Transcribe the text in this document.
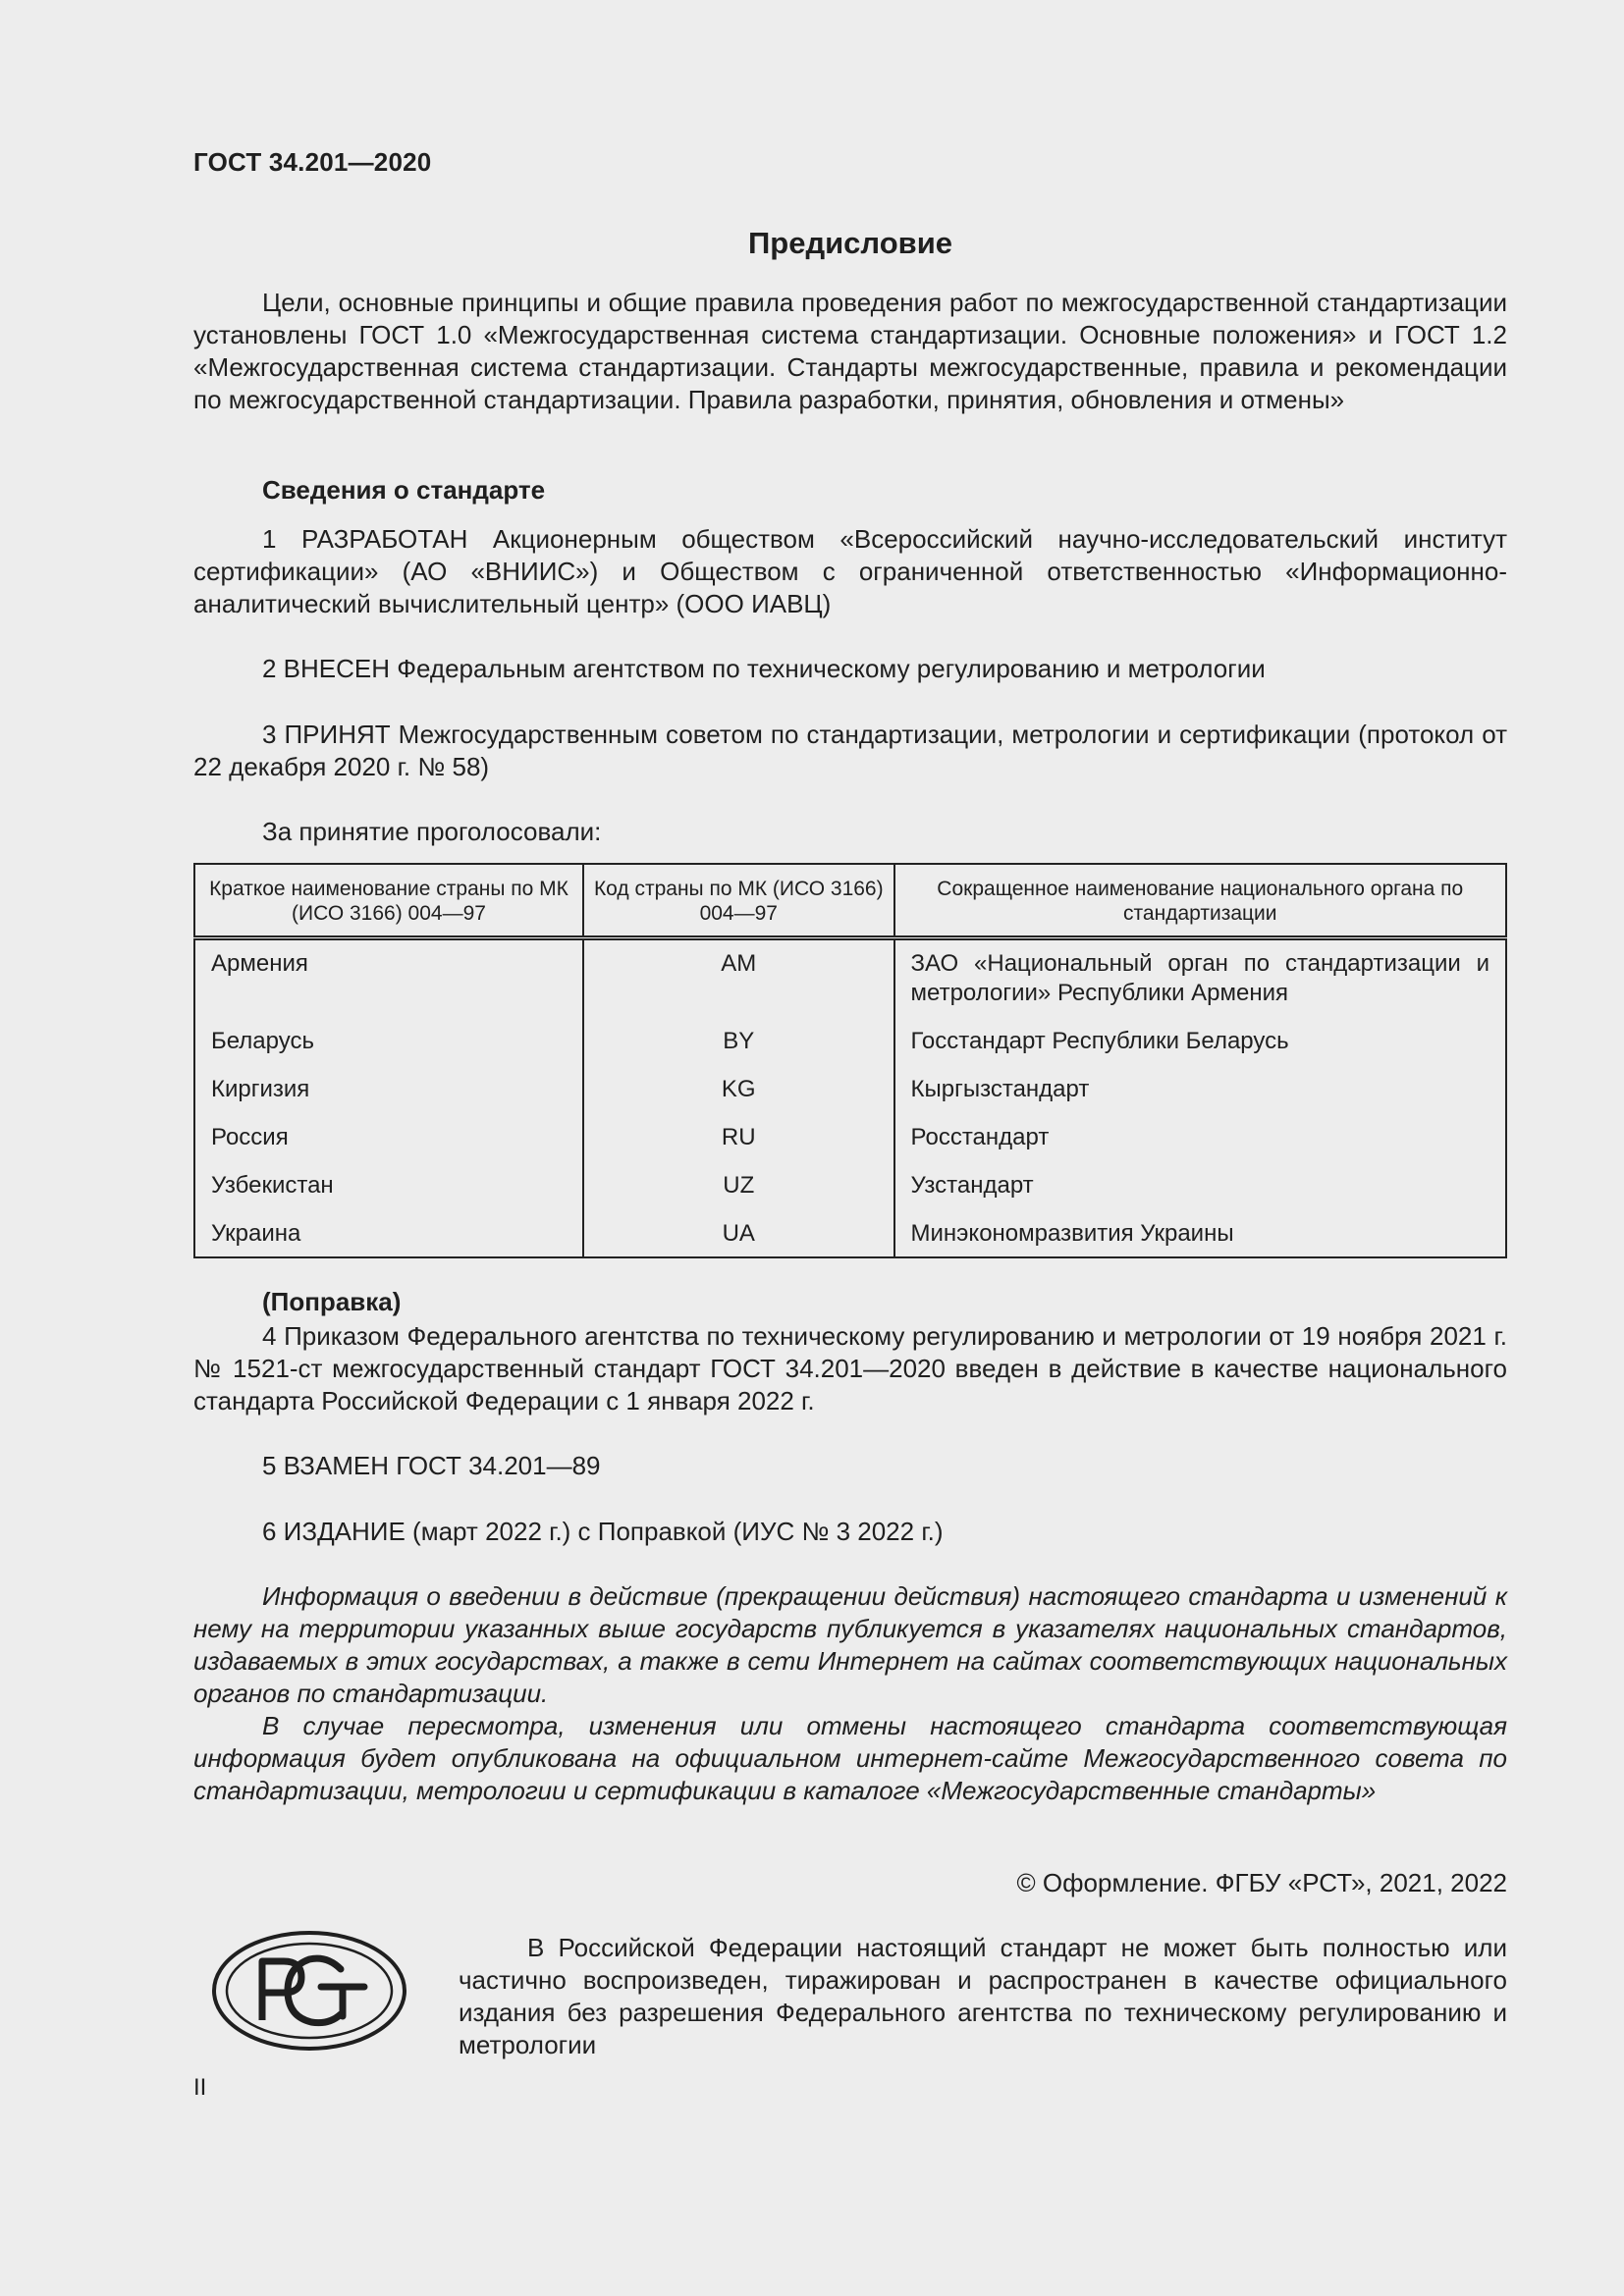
ГОСТ 34.201—2020
Предисловие

Цели, основные принципы и общие правила проведения работ по межгосударственной стандартизации установлены ГОСТ 1.0 «Межгосударственная система стандартизации. Основные положения» и ГОСТ 1.2 «Межгосударственная система стандартизации. Стандарты межгосударственные, правила и рекомендации по межгосударственной стандартизации. Правила разработки, принятия, обновления и отмены»

Сведения о стандарте

1 РАЗРАБОТАН Акционерным обществом «Всероссийский научно-исследовательский институт сертификации» (АО «ВНИИС») и Обществом с ограниченной ответственностью «Информационно-аналитический вычислительный центр» (ООО ИАВЦ)

2 ВНЕСЕН Федеральным агентством по техническому регулированию и метрологии

3 ПРИНЯТ Межгосударственным советом по стандартизации, метрологии и сертификации (протокол от 22 декабря 2020 г. № 58)

За принятие проголосовали:

Краткое наименование страны по МК (ИСО 3166) 004—97	Код страны по МК (ИСО 3166) 004—97	Сокращенное наименование национального органа по стандартизации
Армения	AM	ЗАО «Национальный орган по стандартизации и метрологии» Республики Армения
Беларусь	BY	Госстандарт Республики Беларусь
Киргизия	KG	Кыргызстандарт
Россия	RU	Росстандарт
Узбекистан	UZ	Узстандарт
Украина	UA	Минэкономразвития Украины
(Поправка)

4 Приказом Федерального агентства по техническому регулированию и метрологии от 19 ноября 2021 г. № 1521-ст межгосударственный стандарт ГОСТ 34.201—2020 введен в действие в качестве национального стандарта Российской Федерации с 1 января 2022 г.

5 ВЗАМЕН ГОСТ 34.201—89

6 ИЗДАНИЕ (март 2022 г.) с Поправкой (ИУС № 3 2022 г.)

Информация о введении в действие (прекращении действия) настоящего стандарта и изменений к нему на территории указанных выше государств публикуется в указателях национальных стандартов, издаваемых в этих государствах, а также в сети Интернет на сайтах соответствующих национальных органов по стандартизации.

В случае пересмотра, изменения или отмены настоящего стандарта соответствующая информация будет опубликована на официальном интернет-сайте Межгосударственного совета по стандартизации, метрологии и сертификации в каталоге «Межгосударственные стандарты»

© Оформление. ФГБУ «РСТ», 2021, 2022

В Российской Федерации настоящий стандарт не может быть полностью или частично воспроизведен, тиражирован и распространен в качестве официального издания без разрешения Федерального агентства по техническому регулированию и метрологии

II
